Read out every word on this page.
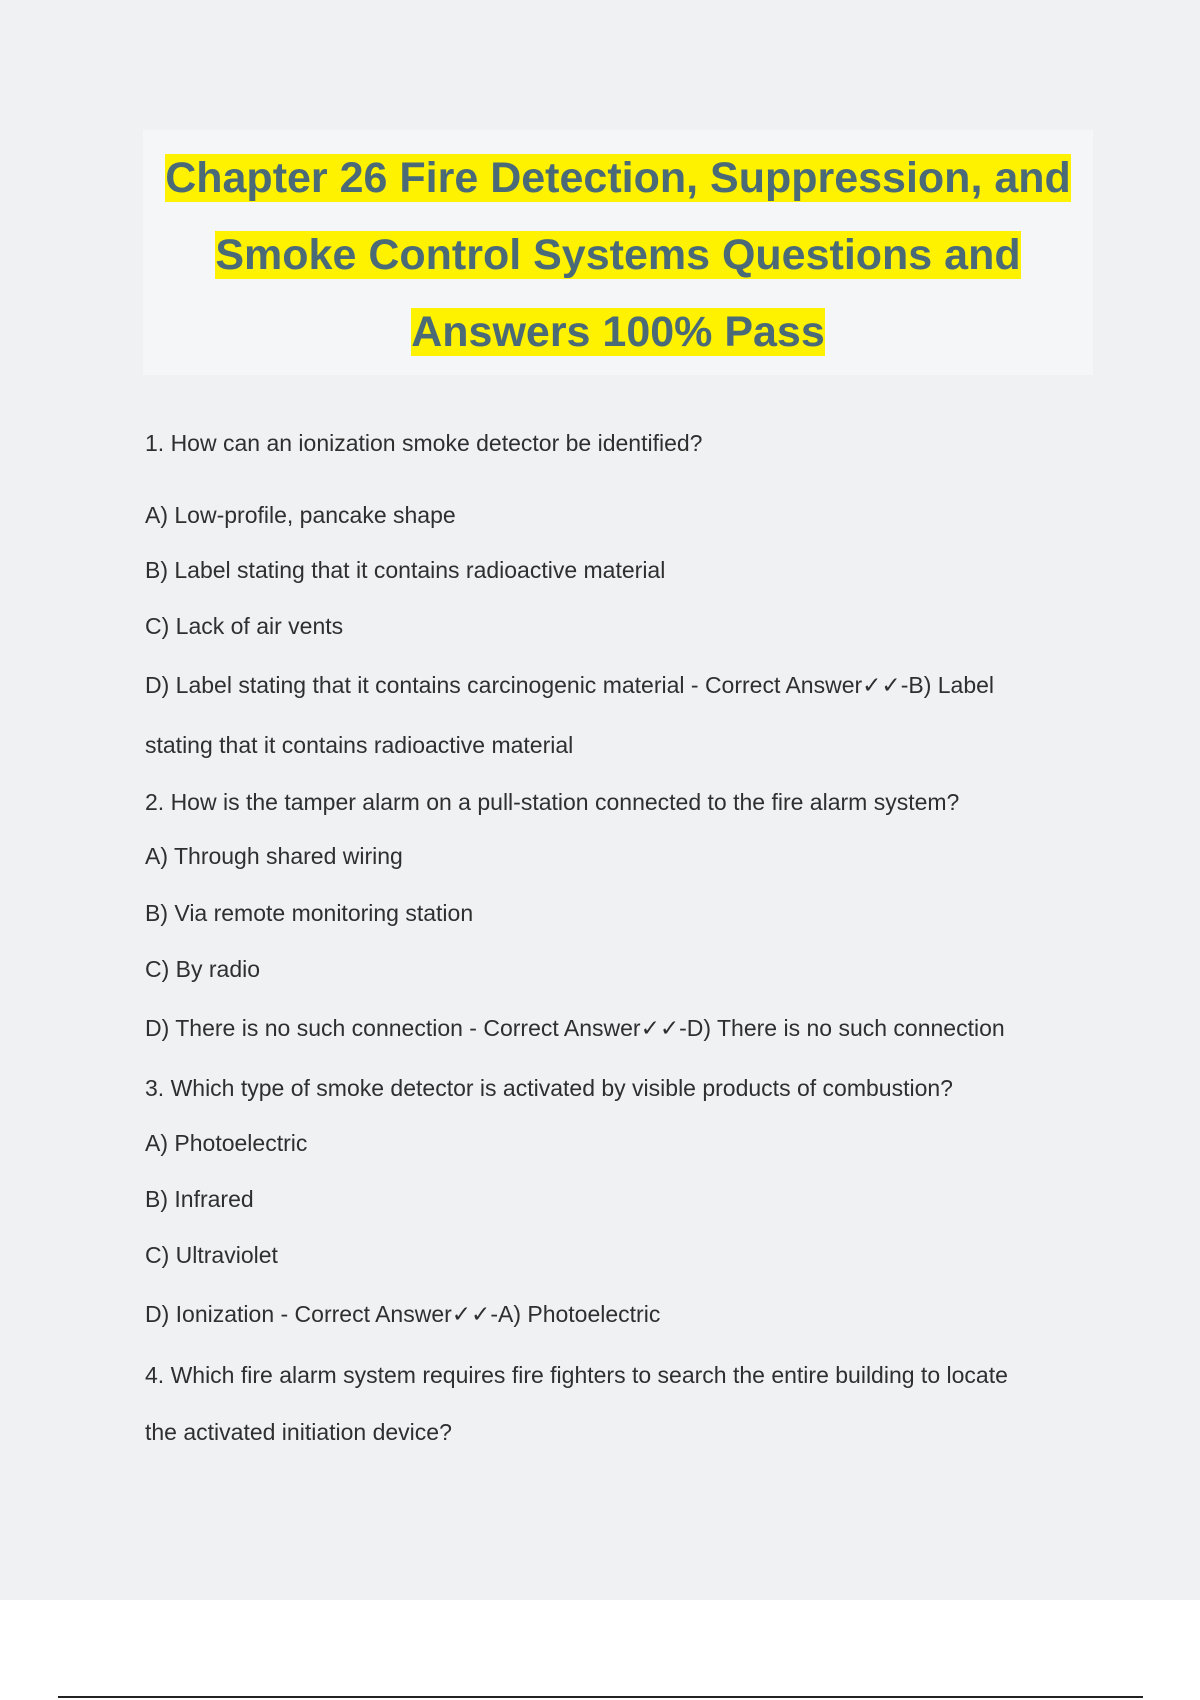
Chapter 26 Fire Detection, Suppression, and
Smoke Control Systems Questions and
Answers 100% Pass
1. How can an ionization smoke detector be identified?
A) Low-profile, pancake shape
B) Label stating that it contains radioactive material
C) Lack of air vents
D) Label stating that it contains carcinogenic material - Correct Answer✓✓-B) Label
stating that it contains radioactive material
2. How is the tamper alarm on a pull-station connected to the fire alarm system?
A) Through shared wiring
B) Via remote monitoring station
C) By radio
D) There is no such connection - Correct Answer✓✓-D) There is no such connection
3. Which type of smoke detector is activated by visible products of combustion?
A) Photoelectric
B) Infrared
C) Ultraviolet
D) Ionization - Correct Answer✓✓-A) Photoelectric
4. Which fire alarm system requires fire fighters to search the entire building to locate
the activated initiation device?
